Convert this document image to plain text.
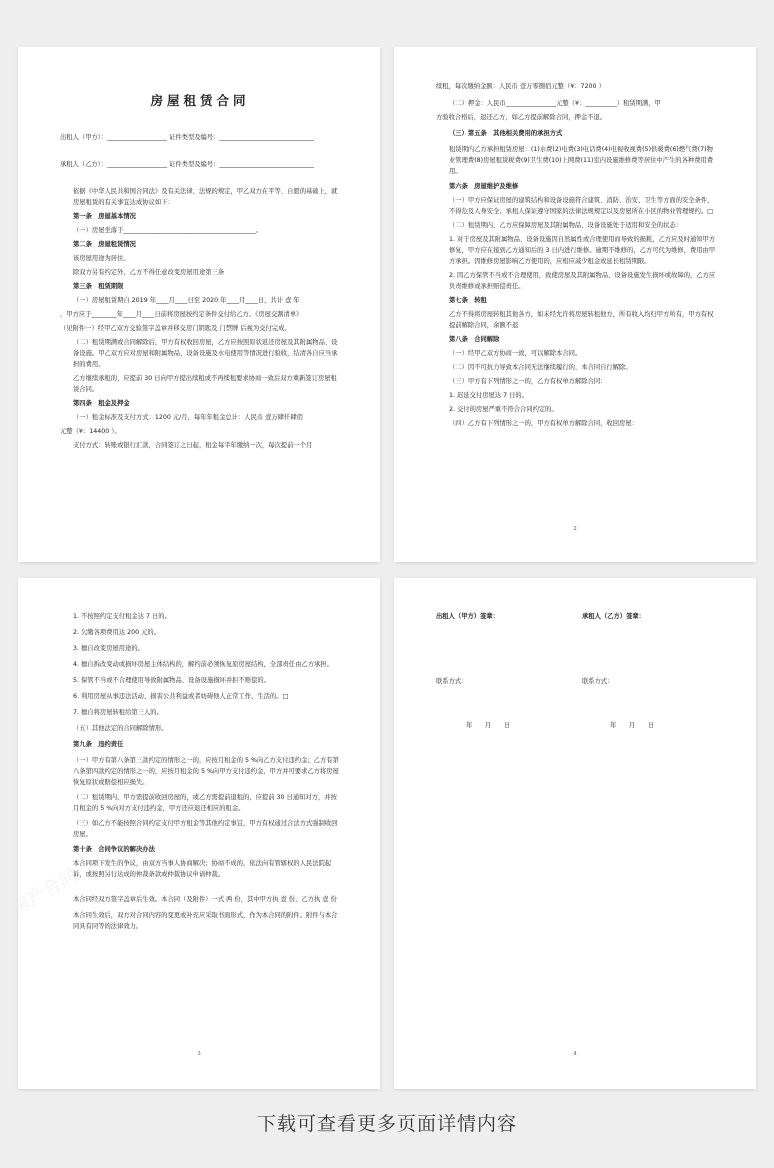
房屋租赁合同
出租人（甲方）：___________________ 证件类型及编号：______________________________
承租人（乙方）：___________________ 证件类型及编号：______________________________
依据《中华人民共和国合同法》及有关法律、法规的规定，甲乙双方在平等、自愿的基础上，就房屋租赁的有关事宜达成协议如下：
第一条　房屋基本情况
（一）房屋坐落于__________________________________________。
第二条　房屋租赁情况
该房屋用途为居住。
除双方另有约定外，乙方不得任意改变房屋用途第三条
第三条　租赁期限
（一）房屋租赁期自 2019 年____月____日至 2020 年____月____日，共计 壹 年
，甲方应于________年____月____日前将房屋按约定条件交付给乙方。《房屋交割清单》
（见附件一）经甲乙双方交验签字盖章并移交房门钥匙及 门禁牌 后视为交付完成。
（二）租赁期满或合同解除后，甲方有权收回房屋，乙方应按照原状返还房屋及其附属物品、设备设施。甲乙双方应对房屋和附属物品、设备设施及水电使用等情况进行验收，结清各自应当承担的费用。
乙方继续承租的，应提前 30 日向甲方提出续租或不再续租要求协商一致后双方重新签订房屋租赁合同。
第四条　租金及押金
（一）租金标准及支付方式：1200 元/月，每年年租金总计：人民币 壹万肆仟肆佰
元整（¥：14400 ）。
支付方式：转账或银行汇款，合同签订之日起，租金每半年缴纳一次，每次提前一个月
续租，每次缴纳金额：人民币 壹万零捌佰元整（¥：7200 ）
（二）押金：人民币________________元整（¥：__________）租赁期满，甲
方验收合格后，退还乙方，如乙方提前解除合同，押金不退。
（三）第五条　其他相关费用的承担方式
租赁期内乙方承担租赁房屋：(1)水费(2)电费(3)电话费(4)电视收视费(5)供暖费(6)燃气费(7)物业管理费(8)房屋租赁税费(9)卫生费(10)上网费(11)室内设施维修费等居住中产生的各种费用费用。
第六条　房屋维护及维修
（一）甲方应保证房屋的建筑结构和设备设施符合建筑、消防、治安、卫生等方面的安全条件，不得危及人身安全；承租人保证遵守国家的法律法规规定以及房屋所在小区的物业管理规约。□
（二）租赁期内，乙方应保障房屋及其附属物品、设备设施处于适用和安全的状态：
1. 对于房屋及其附属物品、设备设施因自然属性或合理使用而导致的损耗，乙方应及时通知甲方修复，甲方应在接到乙方通知后的 3 日内进行维修。逾期不维修的，乙方可代为维修，费用由甲方承担。因维修房屋影响乙方使用的，应相应减少租金或延长租赁期限。
2. 因乙方保管不当或不合理使用，致使房屋及其附属物品、设备设施发生损坏或故障的，乙方应负责维修或承担赔偿责任。
第七条　转租
乙方不得将房屋转租其他各方，如未经允许将房屋转租他方，所有收入均归甲方所有，甲方有权提前解除合同，余额不退
第八条　合同解除
（一）经甲乙双方协商一致，可以解除本合同。
（二）因不可抗力导致本合同无法继续履行的，本合同自行解除。
（三）甲方有下列情形之一的，乙方有权单方解除合同：
1. 迟延交付房屋达 7 日的。
2. 交付的房屋严重不符合合同约定的。
（四）乙方有下列情形之一的，甲方有权单方解除合同，收回房屋：
2
1. 不按照约定支付租金达 7 日的。
2. 欠缴各项费用达 200 元的。
3. 擅自改变房屋用途的。
4. 擅自拆改变动或损坏房屋主体结构的，解约前必须恢复原房屋结构，全部责任由乙方承担。
5. 保管不当或不合理使用导致附属物品、设备设施损坏并拒不赔偿的。
6. 利用房屋从事违法活动、损害公共利益或者妨碍他人正常工作、生活的。□
7. 擅自将房屋转租给第三人的。
（五）其他法定的合同解除情形。
第九条　违约责任
（一）甲方有第八条第三款约定的情形之一的，应按月租金的 5 %向乙方支付违约金；乙方有第八条第四款约定的情形之一的，应按月租金的 5 %向甲方支付违约金，甲方并可要求乙方将房屋恢复原状或赔偿相应损失。
（二）租赁期内，甲方需提前收回房屋的，或乙方需提前退租的，应提前 30 日通知对方，并按月租金的 5 %向对方支付违约金，甲方还应退还相应的租金。
（三）如乙方不能按照合同约定支付甲方租金等其他约定事宜，甲方有权通过合法方式强制收回房屋。
第十条　合同争议的解决办法
本合同项下发生的争议，由双方当事人协商解决；协商不成的，依法向有管辖权的人民法院起诉，或按照另行达成的仲裁条款或仲裁协议申请仲裁。
本合同经双方签字盖章后生效。本合同（及附件）一式 两 份，其中甲方执 壹 份，乙方执 壹 份
本合同生效后，双方对合同内容的变更或补充应采取书面形式，作为本合同的附件。附件与本合同具有同等的法律效力。
3
出租人（甲方）签章：	承租人（乙方）签章：
联系方式：	联系方式：
年　　月　　日	年　　月　　日
4
下载可查看更多页面详情内容
